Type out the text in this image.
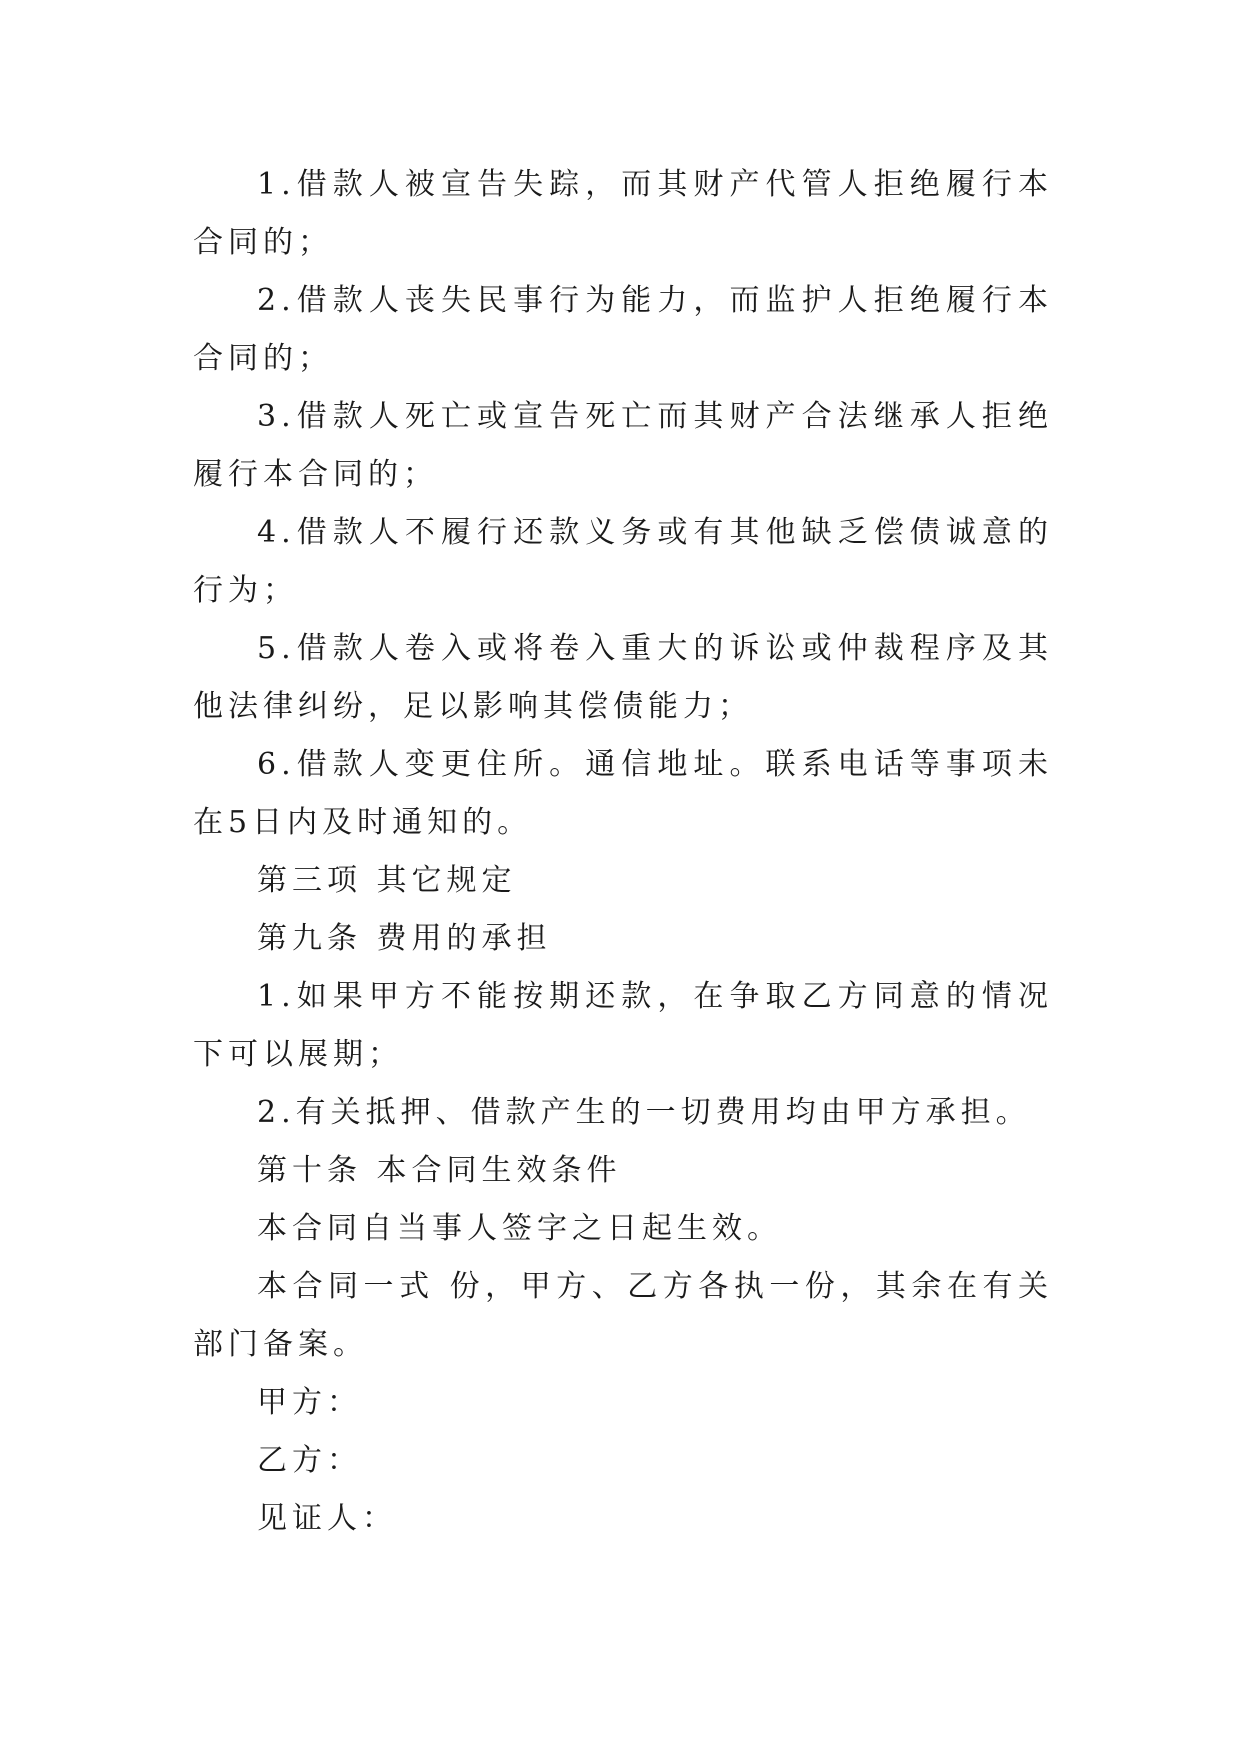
1.借款人被宣告失踪，而其财产代管人拒绝履行本合同的；

2.借款人丧失民事行为能力，而监护人拒绝履行本合同的；

3.借款人死亡或宣告死亡而其财产合法继承人拒绝履行本合同的；

4.借款人不履行还款义务或有其他缺乏偿债诚意的行为；

5.借款人卷入或将卷入重大的诉讼或仲裁程序及其他法律纠纷，足以影响其偿债能力；

6.借款人变更住所。通信地址。联系电话等事项未在5日内及时通知的。

第三项 其它规定

第九条 费用的承担

1.如果甲方不能按期还款，在争取乙方同意的情况下可以展期；

2.有关抵押、借款产生的一切费用均由甲方承担。

第十条 本合同生效条件

本合同自当事人签字之日起生效。

本合同一式 份，甲方、乙方各执一份，其余在有关部门备案。

甲方：

乙方：

见证人：
